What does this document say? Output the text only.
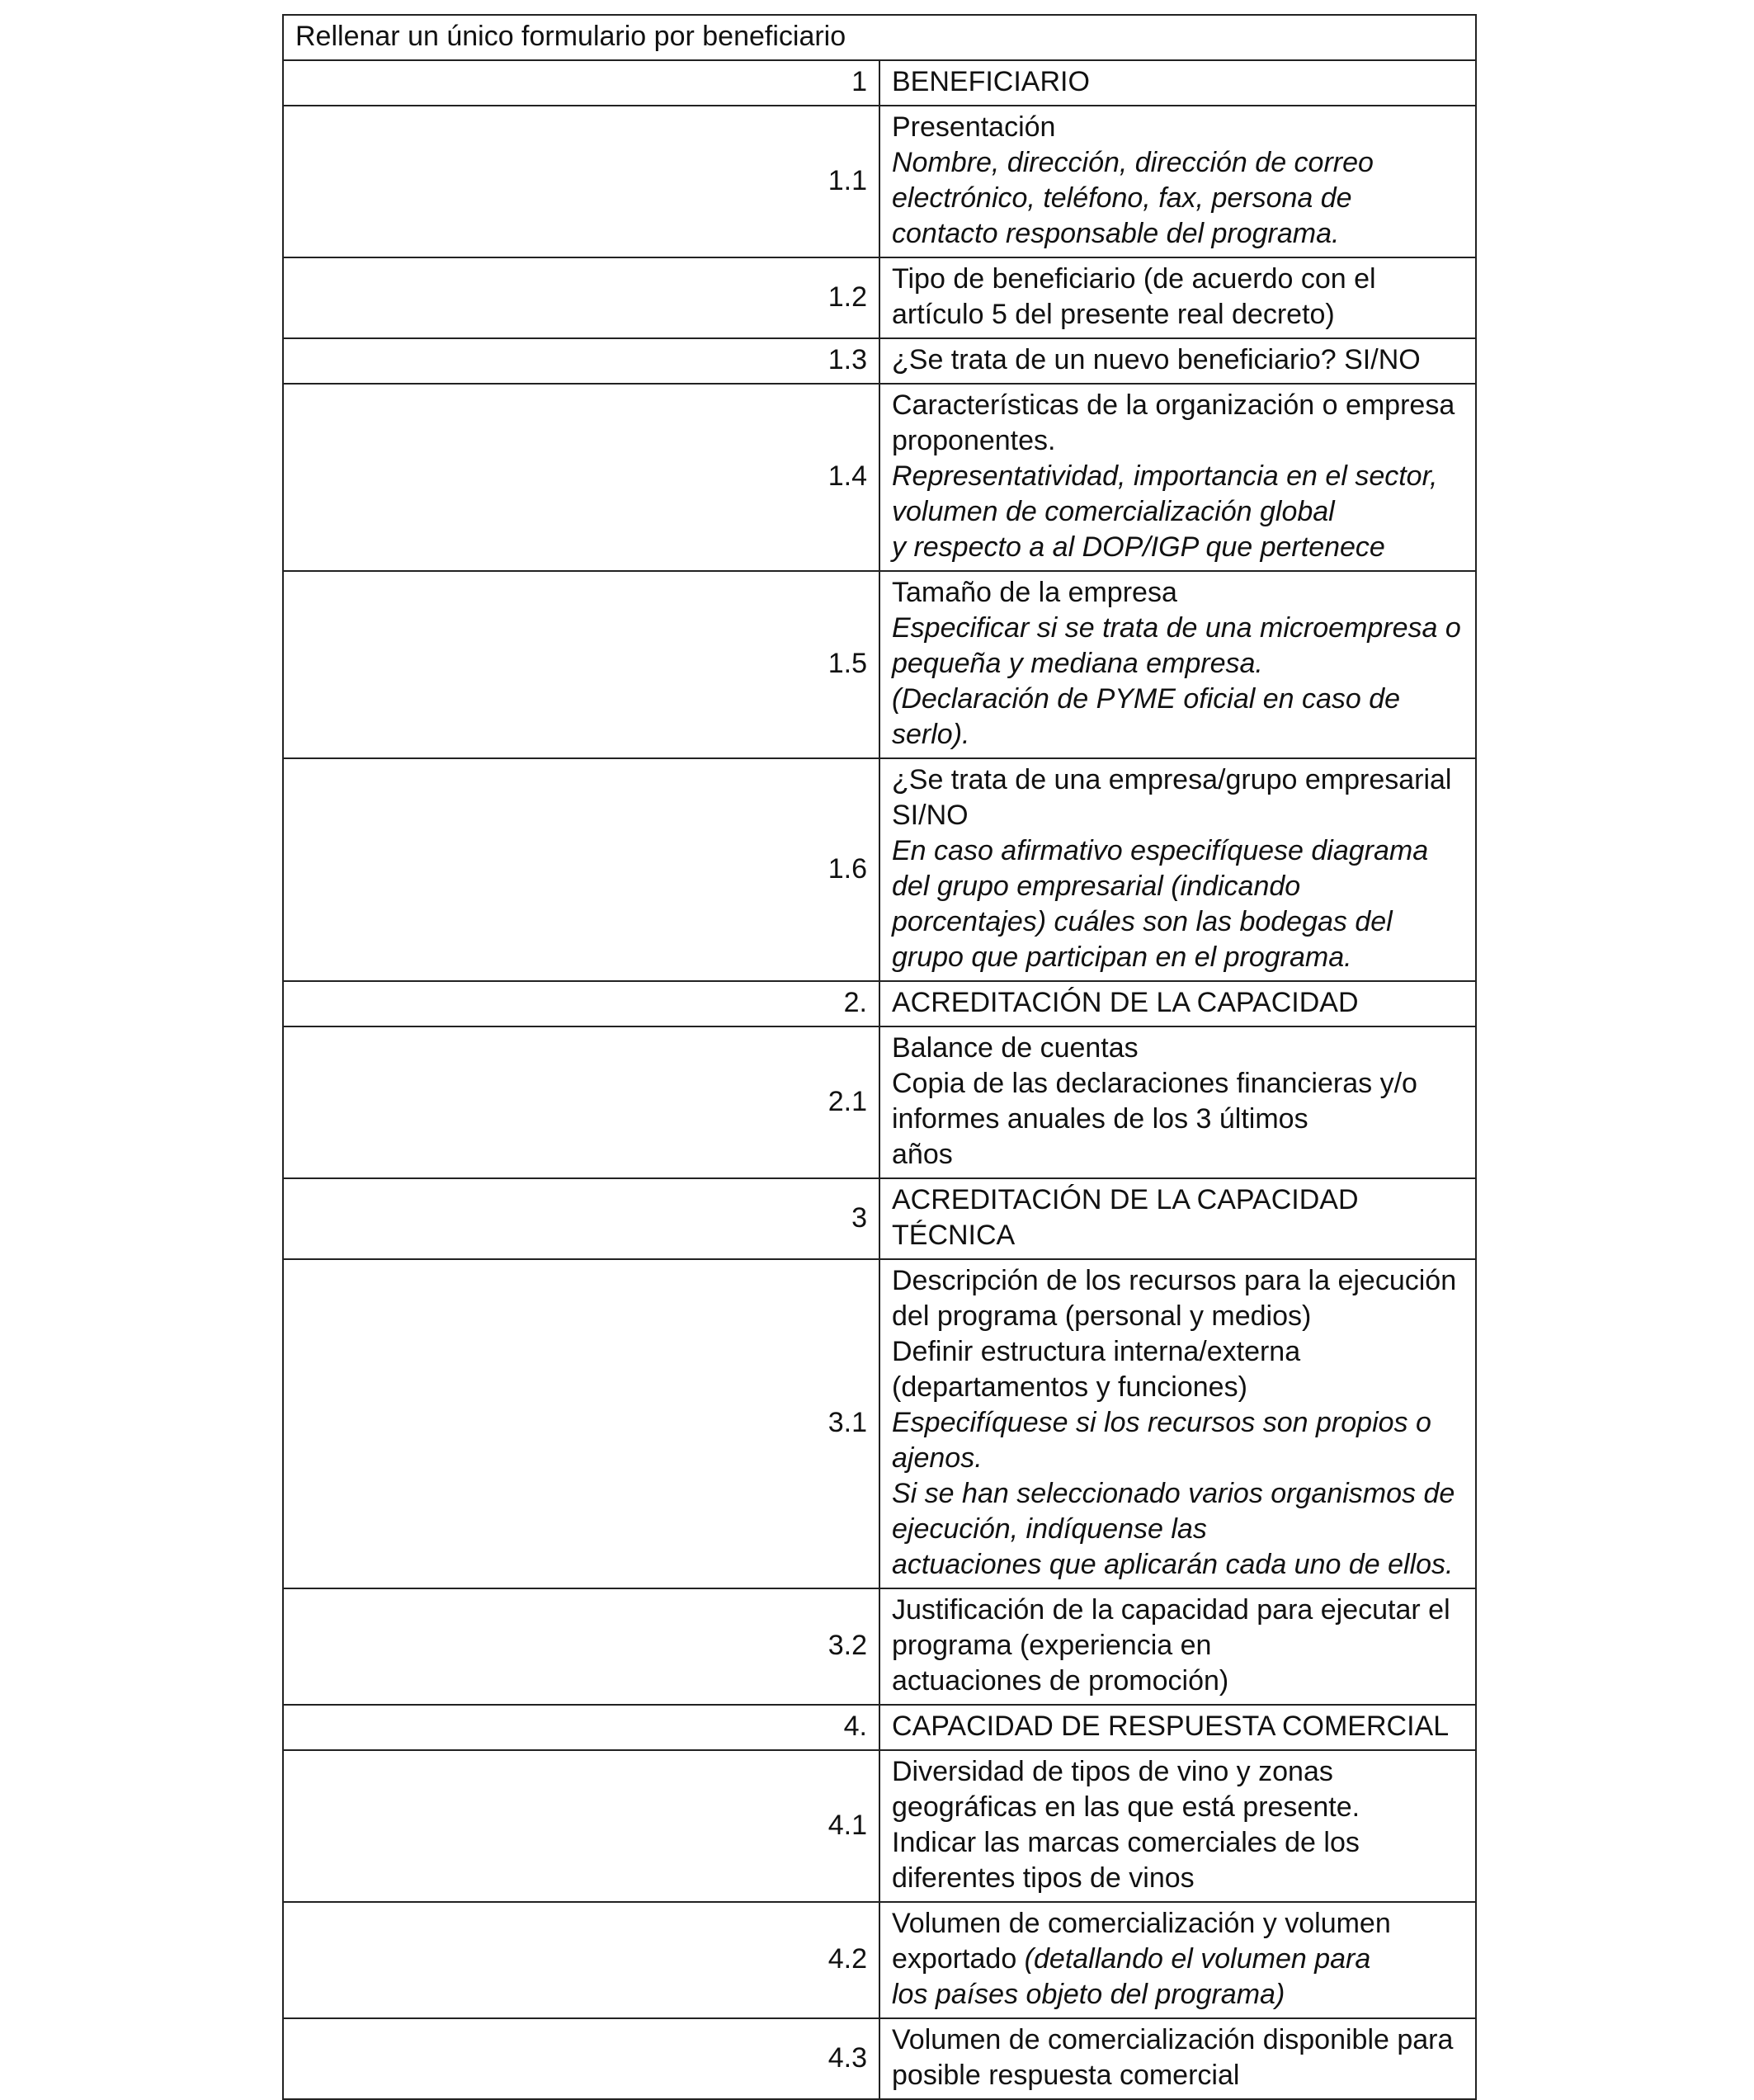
Rellenar un único formulario por beneficiario	
1	BENEFICIARIO

1.1	Presentación
Nombre, dirección, dirección de correo electrónico, teléfono, fax, persona de
contacto responsable del programa.

1.2	Tipo de beneficiario (de acuerdo con el artículo 5 del presente real decreto)

1.3	¿Se trata de un nuevo beneficiario? SI/NO

1.4	Características de la organización o empresa proponentes.
Representatividad, importancia en el sector, volumen de comercialización global
y respecto a al DOP/IGP que pertenece

1.5	Tamaño de la empresa
Especificar si se trata de una microempresa o pequeña y mediana empresa.
(Declaración de PYME oficial en caso de serlo).

1.6	¿Se trata de una empresa/grupo empresarial SI/NO
En caso afirmativo especifíquese diagrama del grupo empresarial (indicando
porcentajes) cuáles son las bodegas del grupo que participan en el programa.

2.	ACREDITACIÓN DE LA CAPACIDAD

2.1	Balance de cuentas
Copia de las declaraciones financieras y/o informes anuales de los 3 últimos
años

3	ACREDITACIÓN DE LA CAPACIDAD TÉCNICA

3.1	Descripción de los recursos para la ejecución del programa (personal y medios)
Definir estructura interna/externa (departamentos y funciones)
Especifíquese si los recursos son propios o ajenos.
Si se han seleccionado varios organismos de ejecución, indíquense las
actuaciones que aplicarán cada uno de ellos.

3.2	Justificación de la capacidad para ejecutar el programa (experiencia en
actuaciones de promoción)

4.	CAPACIDAD DE RESPUESTA COMERCIAL

4.1	Diversidad de tipos de vino y zonas geográficas en las que está presente.
Indicar las marcas comerciales de los diferentes tipos de vinos

4.2	Volumen de comercialización y volumen exportado (detallando el volumen para
los países objeto del programa)

4.3	Volumen de comercialización disponible para posible respuesta comercial
